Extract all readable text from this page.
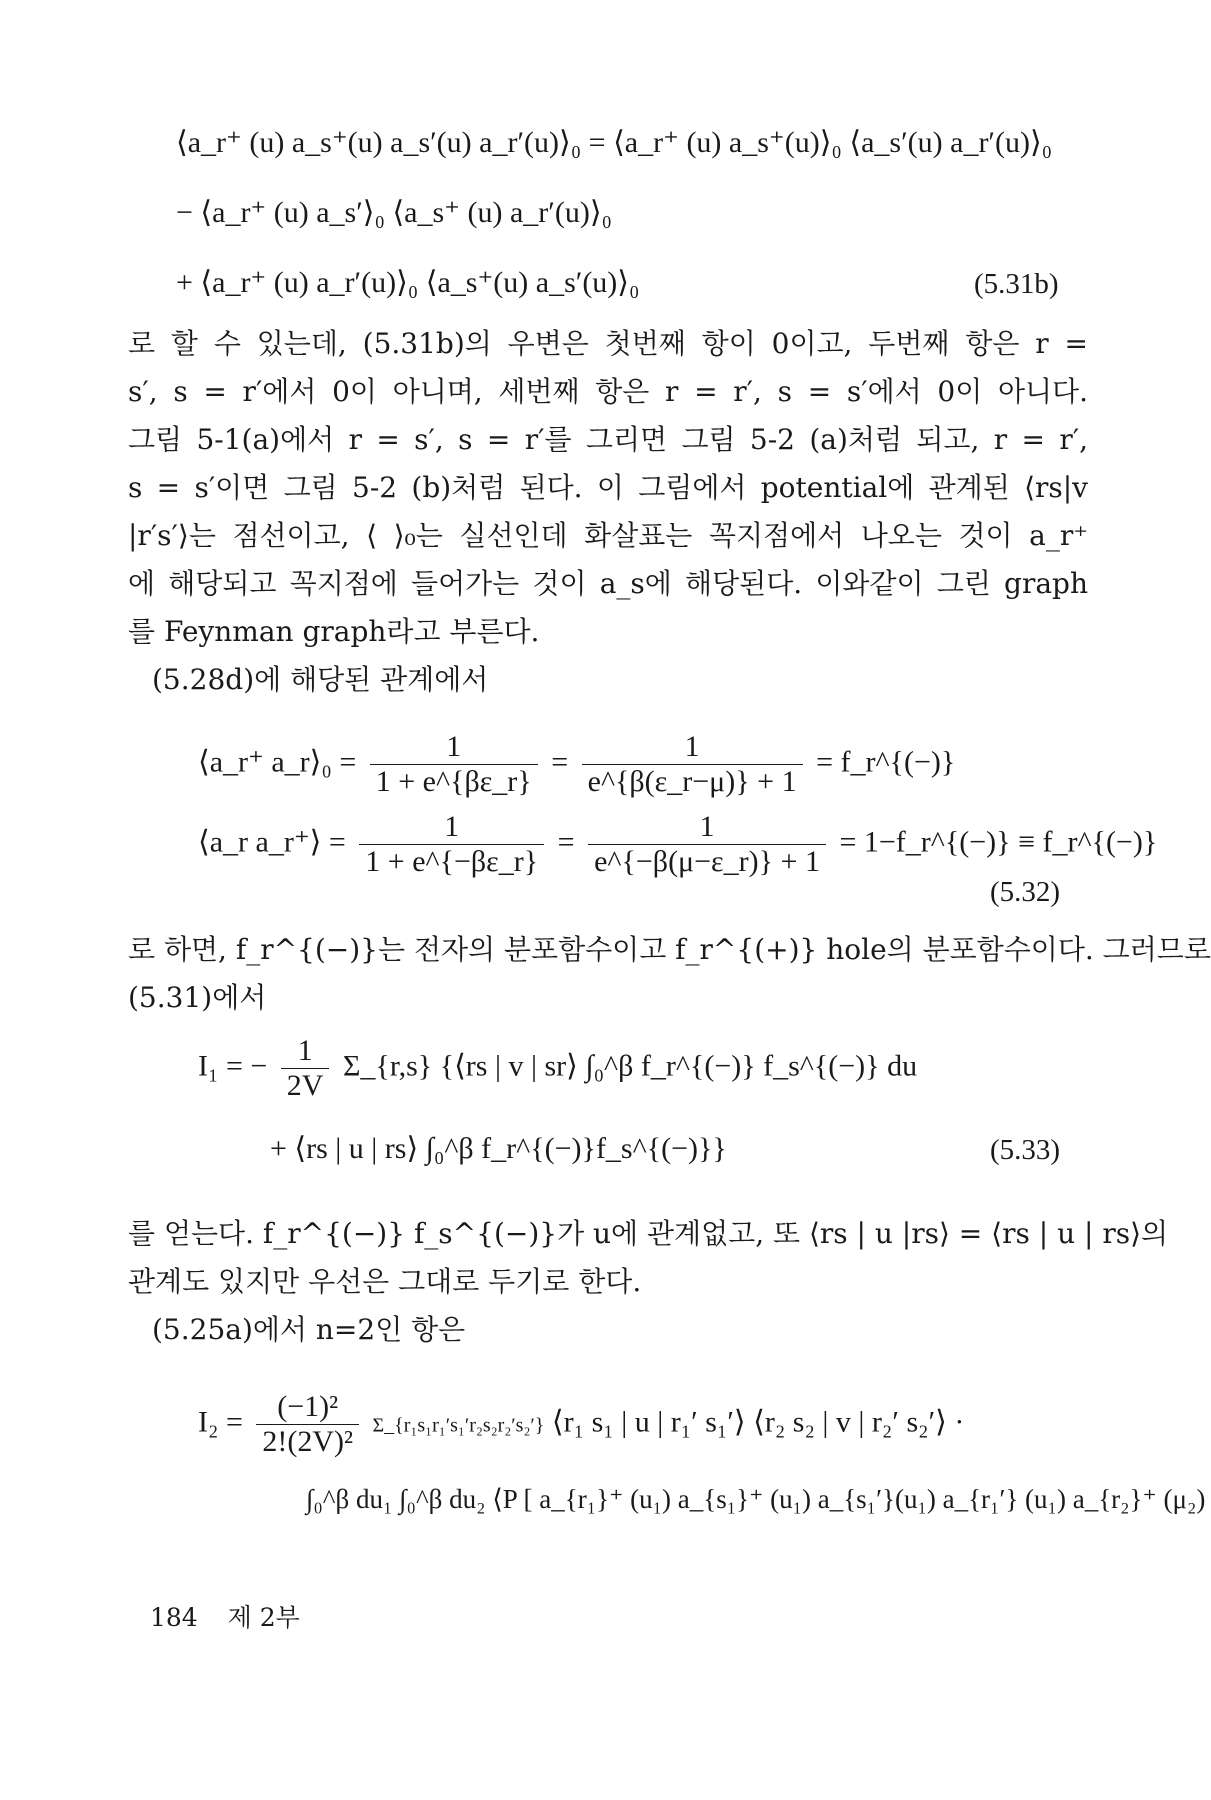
⟨a_r⁺ (u) a_s⁺(u) a_s′(u) a_r′(u)⟩₀ = ⟨a_r⁺ (u) a_s⁺(u)⟩₀ ⟨a_s′(u) a_r′(u)⟩₀
− ⟨a_r⁺ (u) a_s′⟩₀ ⟨a_s⁺ (u) a_r′(u)⟩₀
+ ⟨a_r⁺ (u) a_r′(u)⟩₀ ⟨a_s⁺(u) a_s′(u)⟩₀	(5.31b)
로 할 수 있는데, (5.31b)의 우변은 첫번째 항이 0이고, 두번째 항은 r =
s′, s = r′에서 0이 아니며, 세번째 항은 r = r′, s = s′에서 0이 아니다.
그림 5-1(a)에서 r = s′, s = r′를 그리면 그림 5-2 (a)처럼 되고, r = r′,
s = s′이면 그림 5-2 (b)처럼 된다. 이 그림에서 potential에 관계된 ⟨rs|v
|r′s′⟩는 점선이고, ⟨ ⟩₀는 실선인데 화살표는 꼭지점에서 나오는 것이 a_r⁺
에 해당되고 꼭지점에 들어가는 것이 a_s에 해당된다. 이와같이 그린 graph
를 Feynman graph라고 부른다.
(5.28d)에 해당된 관계에서
⟨a_r⁺ a_r⟩₀ = $\frac{1}{1 + e\^{}\{\beta\varepsilon\_r\}} = \frac{1}{e\^{}\{\beta(\varepsilon\_r-\mu)\} + 1}$ = f_r^{(−)}
⟨a_r a_r⁺⟩ = $\frac{1}{1 + e\^{}\{-\beta\varepsilon\_r\}} = \frac{1}{e\^{}\{-\beta(\mu-\varepsilon\_r)\} + 1}$ = 1−f_r^{(−)} ≡ f_r^{(−)}
(5.32)
로 하면, f_r^{(−)}는 전자의 분포함수이고 f_r^{(+)} hole의 분포함수이다. 그러므로
(5.31)에서
I₁ = − $\frac{1}{2V}$ Σ_{r,s} {⟨rs | v | sr⟩ ∫₀^β f_r^{(−)} f_s^{(−)} du
+ ⟨rs | u | rs⟩ ∫₀^β f_r^{(−)}f_s^{(−)}}	(5.33)
를 얻는다. f_r^{(−)} f_s^{(−)}가 u에 관계없고, 또 ⟨rs | u |rs⟩ = ⟨rs | u | rs⟩의
관계도 있지만 우선은 그대로 두기로 한다.
(5.25a)에서 n=2인 항은
$I_2 = \frac{\text{(−1)²}}{\text{2!(2V)²}}$ Σ_{r₁s₁r₁′s₁′r₂s₂r₂′s₂′} ⟨r₁ s₁ | u | r₁′ s₁′⟩ ⟨r₂ s₂ | v | r₂′ s₂′⟩ ·
∫₀^β du₁ ∫₀^β du₂ ⟨P [ a_{r₁}⁺ (u₁) a_{s₁}⁺ (u₁) a_{s₁′}(u₁) a_{r₁′} (u₁) a_{r₂}⁺ (μ₂)
184 제 2부
